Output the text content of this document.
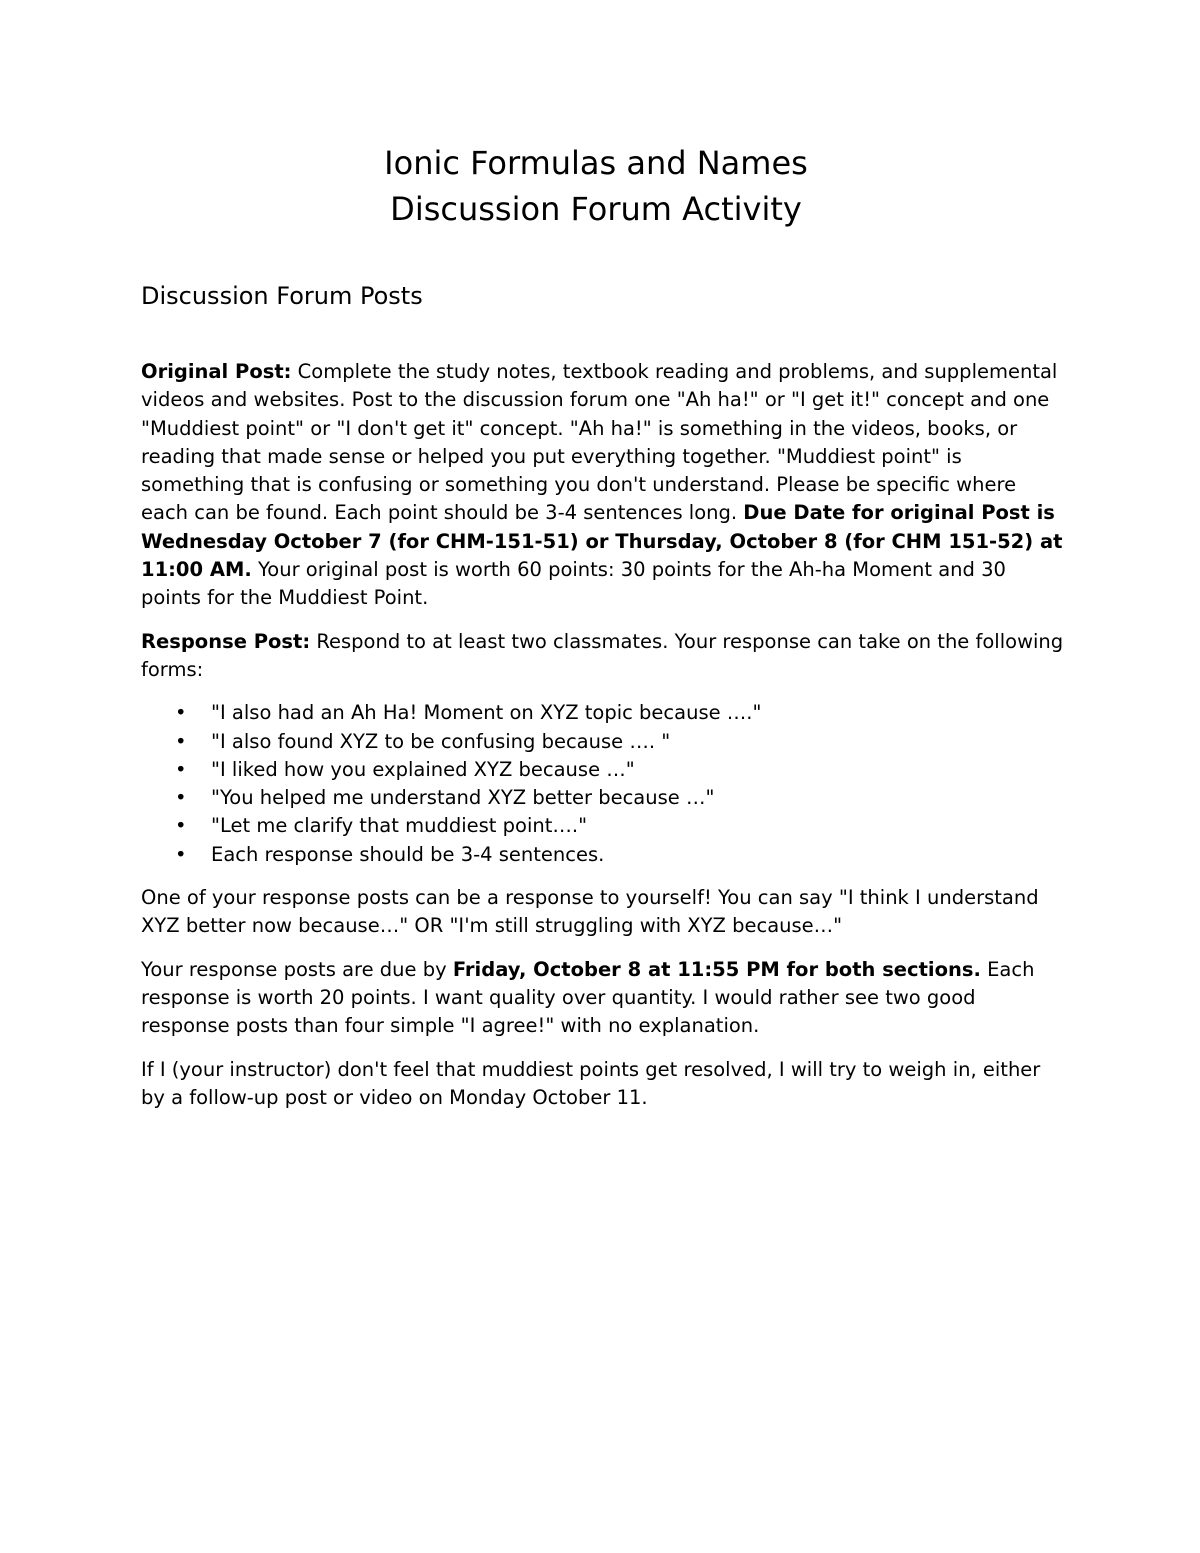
Ionic Formulas and Names
Discussion Forum Activity
Discussion Forum Posts

Original Post: Complete the study notes, textbook reading and problems, and supplemental videos and websites. Post to the discussion forum one "Ah ha!" or "I get it!" concept and one "Muddiest point" or "I don't get it" concept. "Ah ha!" is something in the videos, books, or reading that made sense or helped you put everything together. "Muddiest point" is something that is confusing or something you don't understand. Please be specific where each can be found. Each point should be 3-4 sentences long. Due Date for original Post is Wednesday October 7 (for CHM-151-51) or Thursday, October 8 (for CHM 151-52) at 11:00 AM. Your original post is worth 60 points: 30 points for the Ah-ha Moment and 30 points for the Muddiest Point.

Response Post: Respond to at least two classmates. Your response can take on the following forms:

• "I also had an Ah Ha! Moment on XYZ topic because …."
• "I also found XYZ to be confusing because …. "
• "I liked how you explained XYZ because …"
• "You helped me understand XYZ better because …"
• "Let me clarify that muddiest point…."
• Each response should be 3-4 sentences.

One of your response posts can be a response to yourself! You can say "I think I understand XYZ better now because…" OR "I'm still struggling with XYZ because…"

Your response posts are due by Friday, October 8 at 11:55 PM for both sections. Each response is worth 20 points. I want quality over quantity. I would rather see two good response posts than four simple "I agree!" with no explanation.

If I (your instructor) don't feel that muddiest points get resolved, I will try to weigh in, either by a follow-up post or video on Monday October 11.
